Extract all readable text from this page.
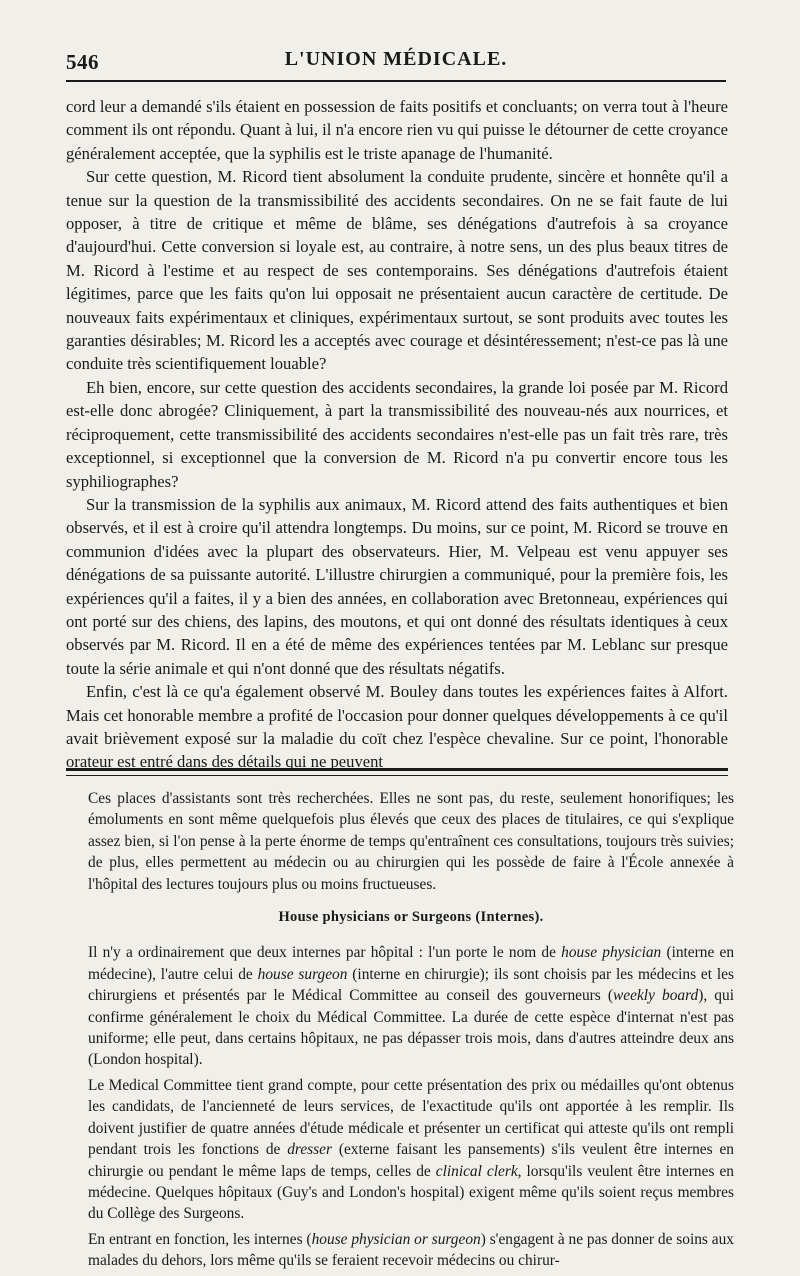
546	L'UNION MÉDICALE.

cord leur a demandé s'ils étaient en possession de faits positifs et concluants; on verra tout à l'heure comment ils ont répondu. Quant à lui, il n'a encore rien vu qui puisse le détourner de cette croyance généralement acceptée, que la syphilis est le triste apanage de l'humanité.

Sur cette question, M. Ricord tient absolument la conduite prudente, sincère et honnête qu'il a tenue sur la question de la transmissibilité des accidents secondaires. On ne se fait faute de lui opposer, à titre de critique et même de blâme, ses dénégations d'autrefois à sa croyance d'aujourd'hui. Cette conversion si loyale est, au contraire, à notre sens, un des plus beaux titres de M. Ricord à l'estime et au respect de ses contemporains. Ses dénégations d'autrefois étaient légitimes, parce que les faits qu'on lui opposait ne présentaient aucun caractère de certitude. De nouveaux faits expérimentaux et cliniques, expérimentaux surtout, se sont produits avec toutes les garanties désirables; M. Ricord les a acceptés avec courage et désintéressement; n'est-ce pas là une conduite très scientifiquement louable?

Eh bien, encore, sur cette question des accidents secondaires, la grande loi posée par M. Ricord est-elle donc abrogée? Cliniquement, à part la transmissibilité des nouveau-nés aux nourrices, et réciproquement, cette transmissibilité des accidents secondaires n'est-elle pas un fait très rare, très exceptionnel, si exceptionnel que la conversion de M. Ricord n'a pu convertir encore tous les syphiliographes?

Sur la transmission de la syphilis aux animaux, M. Ricord attend des faits authentiques et bien observés, et il est à croire qu'il attendra longtemps. Du moins, sur ce point, M. Ricord se trouve en communion d'idées avec la plupart des observateurs. Hier, M. Velpeau est venu appuyer ses dénégations de sa puissante autorité. L'illustre chirurgien a communiqué, pour la première fois, les expériences qu'il a faites, il y a bien des années, en collaboration avec Bretonneau, expériences qui ont porté sur des chiens, des lapins, des moutons, et qui ont donné des résultats identiques à ceux observés par M. Ricord. Il en a été de même des expériences tentées par M. Leblanc sur presque toute la série animale et qui n'ont donné que des résultats négatifs.

Enfin, c'est là ce qu'a également observé M. Bouley dans toutes les expériences faites à Alfort. Mais cet honorable membre a profité de l'occasion pour donner quelques développements à ce qu'il avait brièvement exposé sur la maladie du coït chez l'espèce chevaline. Sur ce point, l'honorable orateur est entré dans des détails qui ne peuvent

Ces places d'assistants sont très recherchées. Elles ne sont pas, du reste, seulement honorifiques; les émoluments en sont même quelquefois plus élevés que ceux des places de titulaires, ce qui s'explique assez bien, si l'on pense à la perte énorme de temps qu'entraînent ces consultations, toujours très suivies; de plus, elles permettent au médecin ou au chirurgien qui les possède de faire à l'École annexée à l'hôpital des lectures toujours plus ou moins fructueuses.

House physicians or Surgeons (Internes).

Il n'y a ordinairement que deux internes par hôpital : l'un porte le nom de house physician (interne en médecine), l'autre celui de house surgeon (interne en chirurgie); ils sont choisis par les médecins et les chirurgiens et présentés par le Médical Committee au conseil des gouverneurs (weekly board), qui confirme généralement le choix du Médical Committee. La durée de cette espèce d'internat n'est pas uniforme; elle peut, dans certains hôpitaux, ne pas dépasser trois mois, dans d'autres atteindre deux ans (London hospital).

Le Medical Committee tient grand compte, pour cette présentation des prix ou médailles qu'ont obtenus les candidats, de l'ancienneté de leurs services, de l'exactitude qu'ils ont apportée à les remplir. Ils doivent justifier de quatre années d'étude médicale et présenter un certificat qui atteste qu'ils ont rempli pendant trois les fonctions de dresser (externe faisant les pansements) s'ils veulent être internes en chirurgie ou pendant le même laps de temps, celles de clinical clerk, lorsqu'ils veulent être internes en médecine. Quelques hôpitaux (Guy's and London's hospital) exigent même qu'ils soient reçus membres du Collège des Surgeons.

En entrant en fonction, les internes (house physician or surgeon) s'engagent à ne pas donner de soins aux malades du dehors, lors même qu'ils se feraient recevoir médecins ou chirur-
